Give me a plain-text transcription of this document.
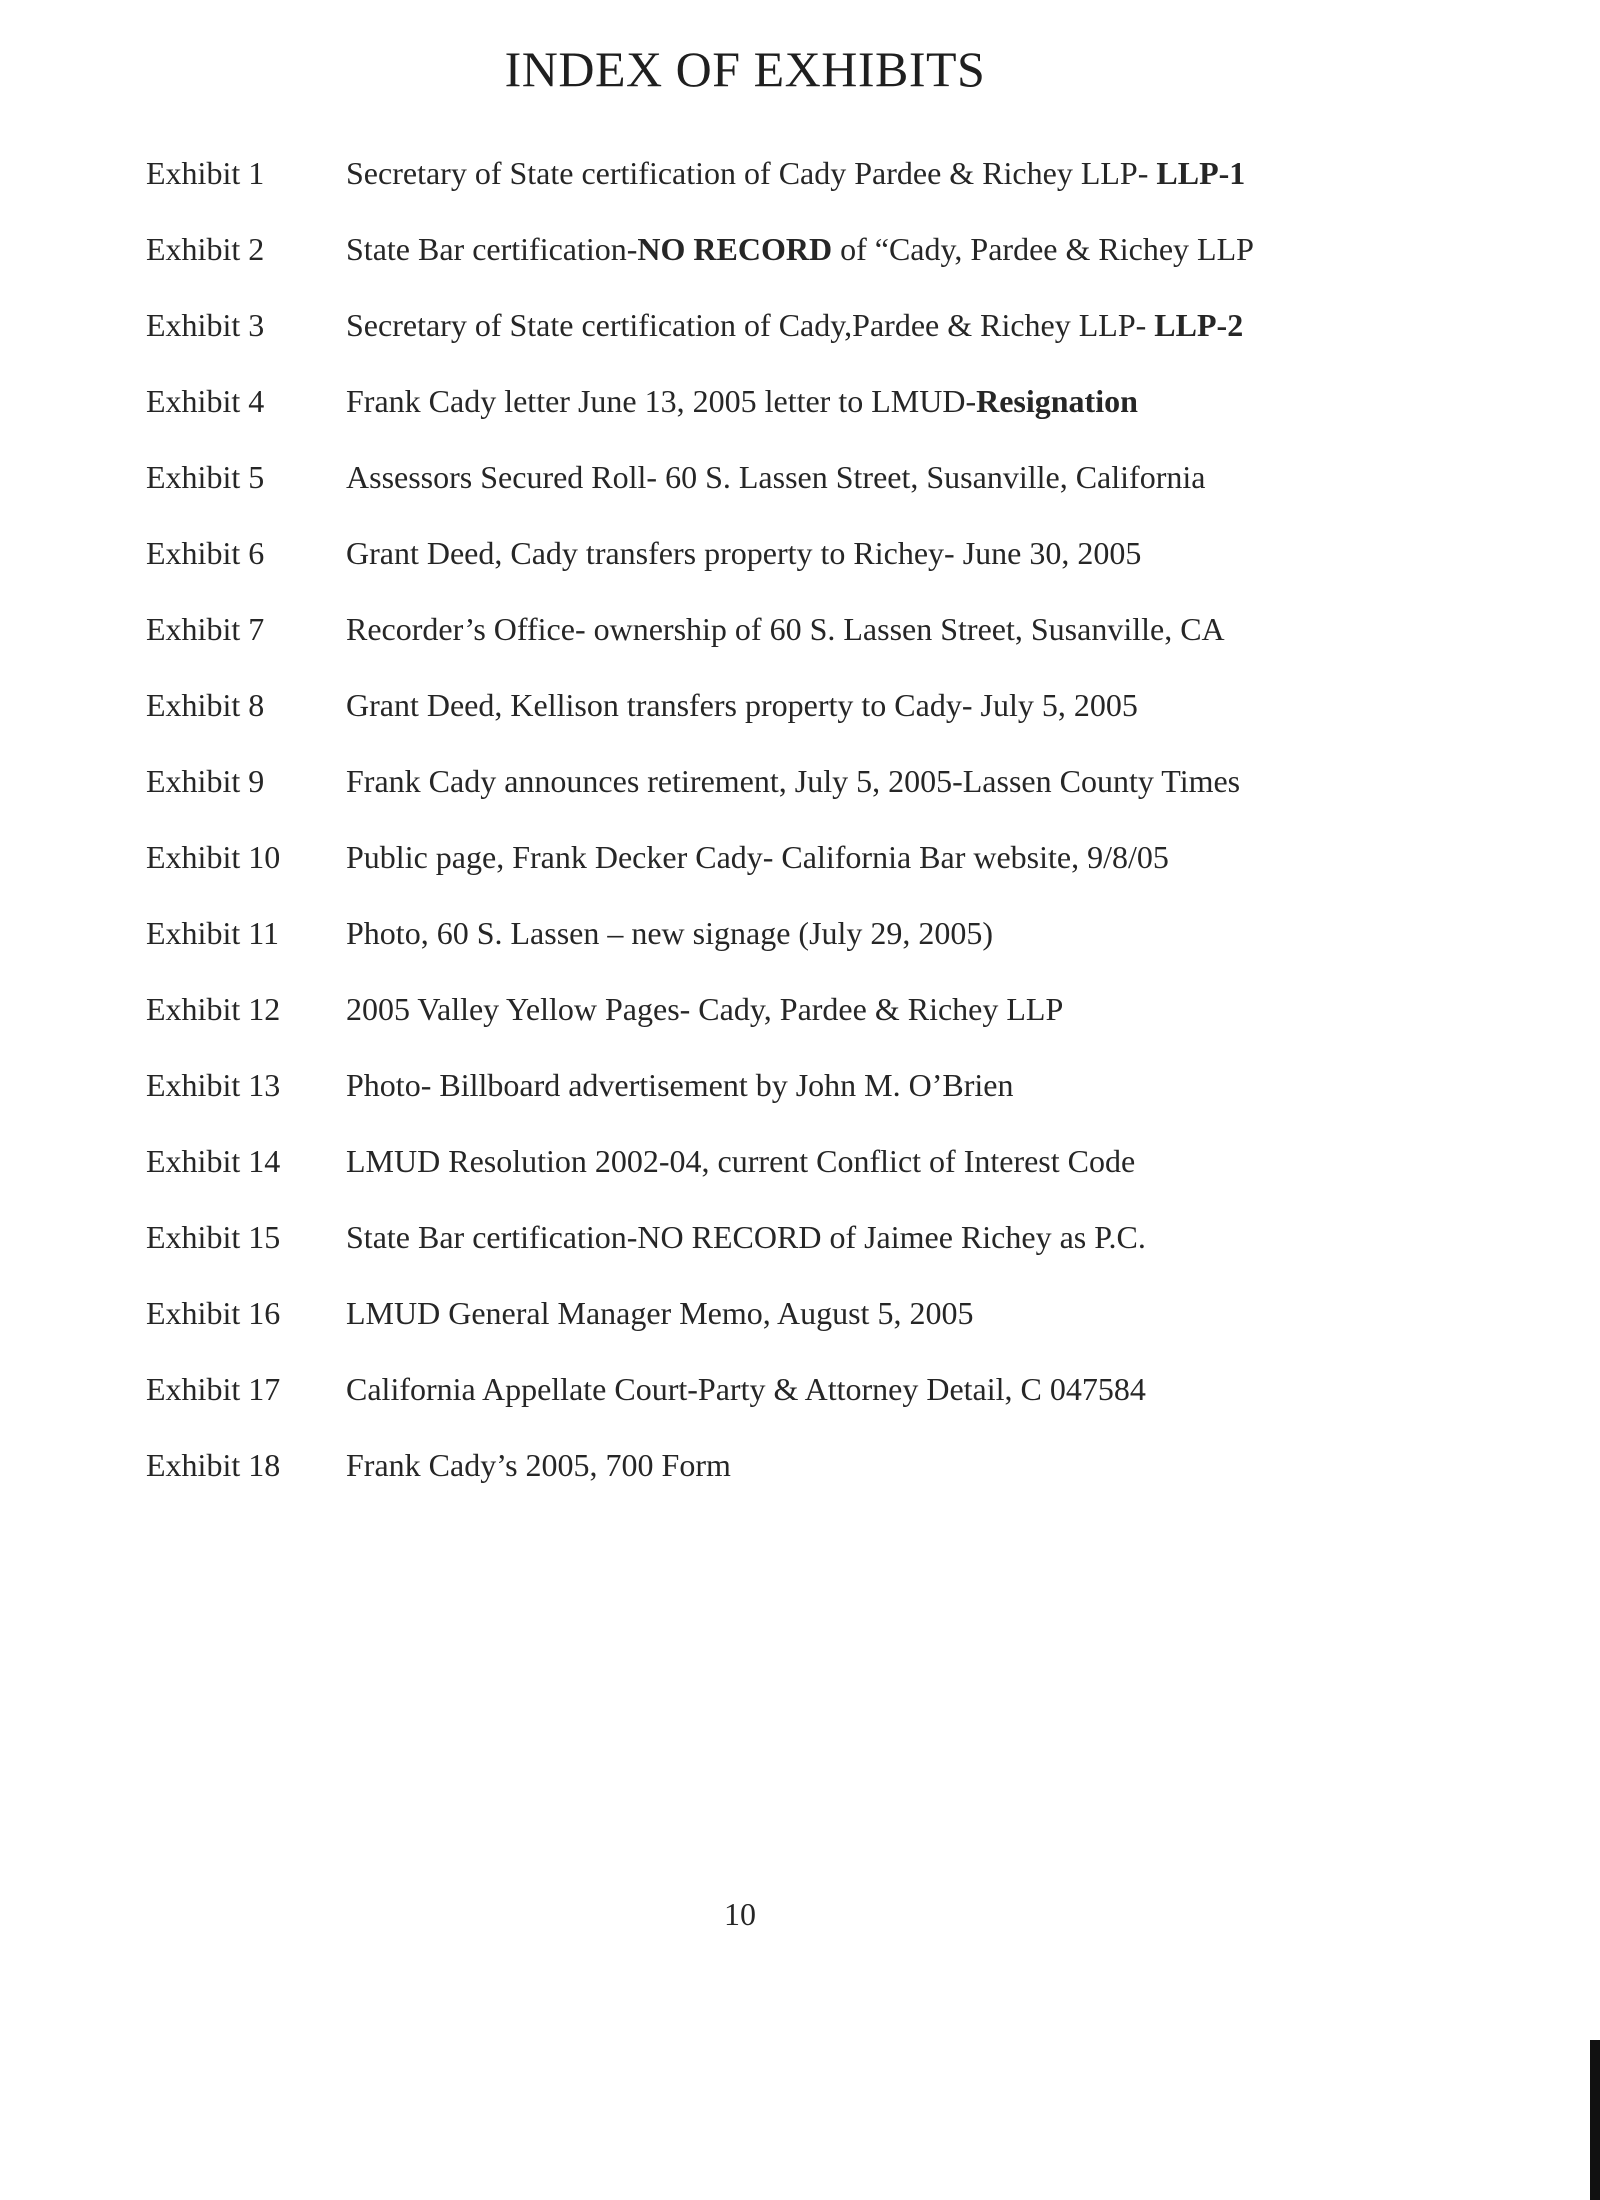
INDEX OF EXHIBITS
Exhibit 1	Secretary of State certification of Cady Pardee & Richey LLP- LLP-1
Exhibit 2	State Bar certification-NO RECORD of “Cady, Pardee & Richey LLP
Exhibit 3	Secretary of State certification of Cady,Pardee & Richey LLP- LLP-2
Exhibit 4	Frank Cady letter June 13, 2005 letter to LMUD-Resignation
Exhibit 5	Assessors Secured Roll- 60 S. Lassen Street, Susanville, California
Exhibit 6	Grant Deed, Cady transfers property to Richey- June 30, 2005
Exhibit 7	Recorder’s Office- ownership of 60 S. Lassen Street, Susanville, CA
Exhibit 8	Grant Deed, Kellison transfers property to Cady- July 5, 2005
Exhibit 9	Frank Cady announces retirement, July 5, 2005-Lassen County Times
Exhibit 10 Public page, Frank Decker Cady- California Bar website, 9/8/05
Exhibit 11 Photo, 60 S. Lassen – new signage (July 29, 2005)
Exhibit 12 2005 Valley Yellow Pages- Cady, Pardee & Richey LLP
Exhibit 13 Photo- Billboard advertisement by John M. O’Brien
Exhibit 14 LMUD Resolution 2002-04, current Conflict of Interest Code
Exhibit 15 State Bar certification-NO RECORD of Jaimee Richey as P.C.
Exhibit 16 LMUD General Manager Memo, August 5, 2005
Exhibit 17 California Appellate Court-Party & Attorney Detail, C 047584
Exhibit 18 Frank Cady’s 2005, 700 Form
10
